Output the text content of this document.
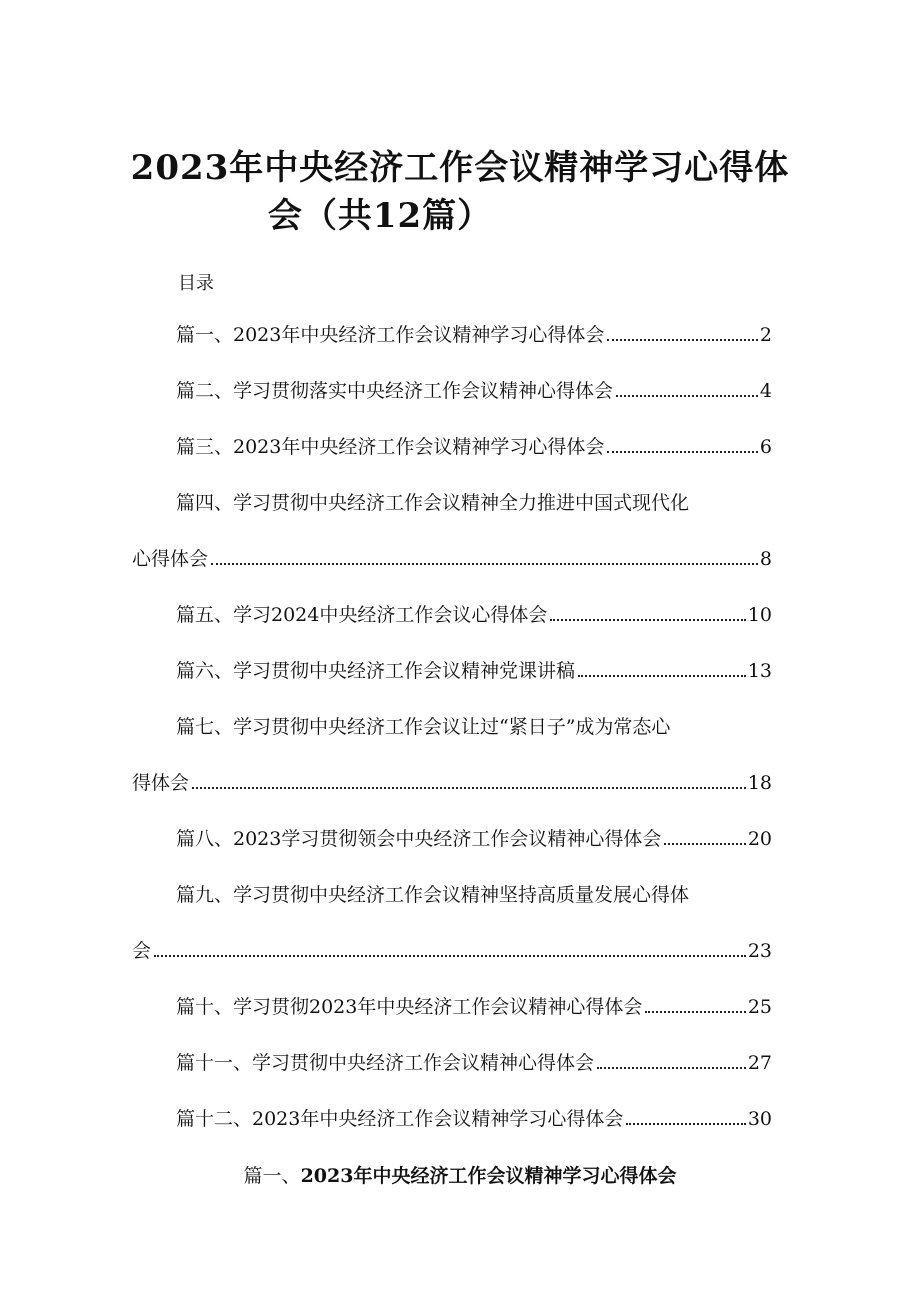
2023年中央经济工作会议精神学习心得体
会（共12篇）
目录
篇一、2023年中央经济工作会议精神学习心得体会	2
篇二、学习贯彻落实中央经济工作会议精神心得体会	4
篇三、2023年中央经济工作会议精神学习心得体会	6
篇四、学习贯彻中央经济工作会议精神全力推进中国式现代化
心得体会	8
篇五、学习2024中央经济工作会议心得体会	10
篇六、学习贯彻中央经济工作会议精神党课讲稿	13
篇七、学习贯彻中央经济工作会议让过“紧日子”成为常态心
得体会	18
篇八、2023学习贯彻领会中央经济工作会议精神心得体会	20
篇九、学习贯彻中央经济工作会议精神坚持高质量发展心得体
会	23
篇十、学习贯彻2023年中央经济工作会议精神心得体会	25
篇十一、学习贯彻中央经济工作会议精神心得体会	27
篇十二、2023年中央经济工作会议精神学习心得体会	30
篇一、2023年中央经济工作会议精神学习心得体会
